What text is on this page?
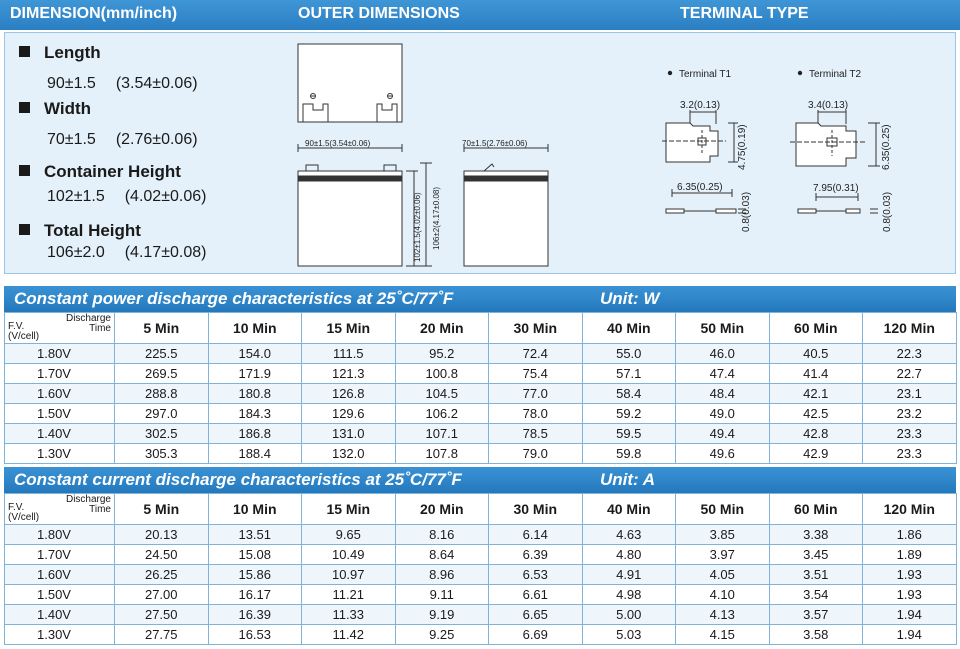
DIMENSION(mm/inch)	OUTER DIMENSIONS	TERMINAL TYPE
Length
90±1.5 (3.54±0.06)
Width
70±1.5 (2.76±0.06)
Container Height
102±1.5 (4.02±0.06)
Total Height
106±2.0 (4.17±0.08)
90±1.5(3.54±0.06)	70±1.5(2.76±0.06)
102±1.5(4.02±0.06) 106±2(4.17±0.08)
Terminal T1
3.2(0.13)
4.75(0.19)
6.35(0.25)
0.8(0.03)
Terminal T2
3.4(0.13)
6.35(0.25)
7.95(0.31)
0.8(0.03)
Constant power discharge characteristics at 25˚C/77˚F	Unit: W
Discharge
Time
F.V.
(V/cell)	5 Min	10 Min	15 Min	20 Min	30 Min	40 Min	50 Min	60 Min	120 Min
1.80V	225.5	154.0	111.5	95.2	72.4	55.0	46.0	40.5	22.3
1.70V	269.5	171.9	121.3	100.8	75.4	57.1	47.4	41.4	22.7
1.60V	288.8	180.8	126.8	104.5	77.0	58.4	48.4	42.1	23.1
1.50V	297.0	184.3	129.6	106.2	78.0	59.2	49.0	42.5	23.2
1.40V	302.5	186.8	131.0	107.1	78.5	59.5	49.4	42.8	23.3
1.30V	305.3	188.4	132.0	107.8	79.0	59.8	49.6	42.9	23.3
Constant current discharge characteristics at 25˚C/77˚F	Unit: A
Discharge
Time
F.V.
(V/cell)	5 Min	10 Min	15 Min	20 Min	30 Min	40 Min	50 Min	60 Min	120 Min
1.80V	20.13	13.51	9.65	8.16	6.14	4.63	3.85	3.38	1.86
1.70V	24.50	15.08	10.49	8.64	6.39	4.80	3.97	3.45	1.89
1.60V	26.25	15.86	10.97	8.96	6.53	4.91	4.05	3.51	1.93
1.50V	27.00	16.17	11.21	9.11	6.61	4.98	4.10	3.54	1.93
1.40V	27.50	16.39	11.33	9.19	6.65	5.00	4.13	3.57	1.94
1.30V	27.75	16.53	11.42	9.25	6.69	5.03	4.15	3.58	1.94
